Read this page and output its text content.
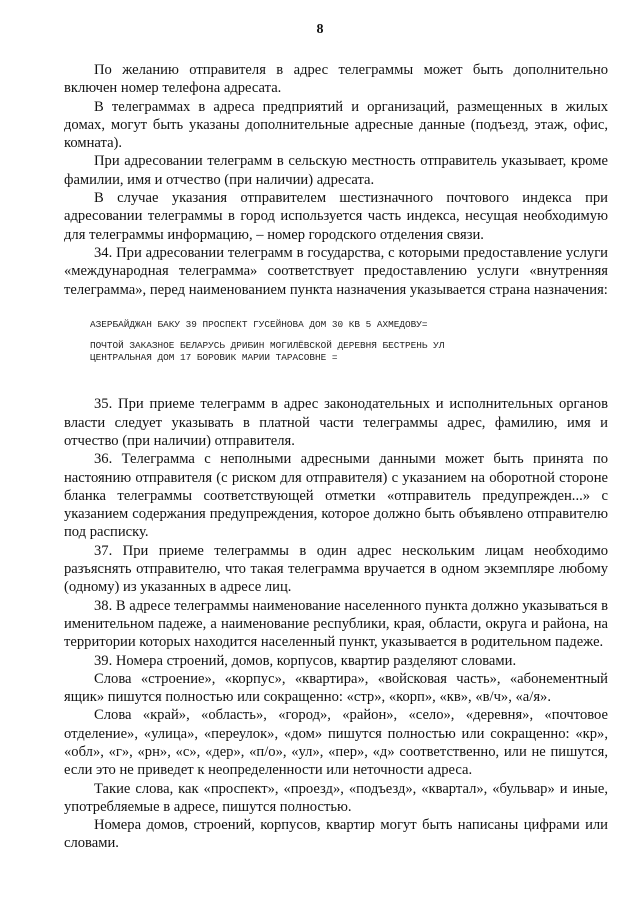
8

По желанию отправителя в адрес телеграммы может быть дополнительно включен номер телефона адресата.

В телеграммах в адреса предприятий и организаций, размещенных в жилых домах, могут быть указаны дополнительные адресные данные (подъезд, этаж, офис, комната).

При адресовании телеграмм в сельскую местность отправитель указывает, кроме фамилии, имя и отчество (при наличии) адресата.

В случае указания отправителем шестизначного почтового индекса при адресовании телеграммы в город используется часть индекса, несущая необходимую для телеграммы информацию, – номер городского отделения связи.

34. При адресовании телеграмм в государства, с которыми предоставление услуги «международная телеграмма» соответствует предоставлению услуги «внутренняя телеграмма», перед наименованием пункта назначения указывается страна назначения:

АЗЕРБАЙДЖАН БАКУ 39 ПРОСПЕКТ ГУСЕЙНОВА ДОМ 30 КВ 5 АХМЕДОВУ=
ПОЧТОЙ ЗАКАЗНОЕ БЕЛАРУСЬ ДРИБИН МОГИЛЁВСКОЙ ДЕРЕВНЯ БЕСТРЕНЬ УЛ
ЦЕНТРАЛЬНАЯ ДОМ 17 БОРОВИК МАРИИ ТАРАСОВНЕ =

35. При приеме телеграмм в адрес законодательных и исполнительных органов власти следует указывать в платной части телеграммы адрес, фамилию, имя и отчество (при наличии) отправителя.

36. Телеграмма с неполными адресными данными может быть принята по настоянию отправителя (с риском для отправителя) с указанием на оборотной стороне бланка телеграммы соответствующей отметки «отправитель предупрежден...» с указанием содержания предупреждения, которое должно быть объявлено отправителю под расписку.

37. При приеме телеграммы в один адрес нескольким лицам необходимо разъяснять отправителю, что такая телеграмма вручается в одном экземпляре любому (одному) из указанных в адресе лиц.

38. В адресе телеграммы наименование населенного пункта должно указываться в именительном падеже, а наименование республики, края, области, округа и района, на территории которых находится населенный пункт, указывается в родительном падеже.

39. Номера строений, домов, корпусов, квартир разделяют словами.

Слова «строение», «корпус», «квартира», «войсковая часть», «абонементный ящик» пишутся полностью или сокращенно: «стр», «корп», «кв», «в/ч», «а/я».

Слова «край», «область», «город», «район», «село», «деревня», «почтовое отделение», «улица», «переулок», «дом» пишутся полностью или сокращенно: «кр», «обл», «г», «рн», «с», «дер», «п/о», «ул», «пер», «д» соответственно, или не пишутся, если это не приведет к неопределенности или неточности адреса.

Такие слова, как «проспект», «проезд», «подъезд», «квартал», «бульвар» и иные, употребляемые в адресе, пишутся полностью.

Номера домов, строений, корпусов, квартир могут быть написаны цифрами или словами.
